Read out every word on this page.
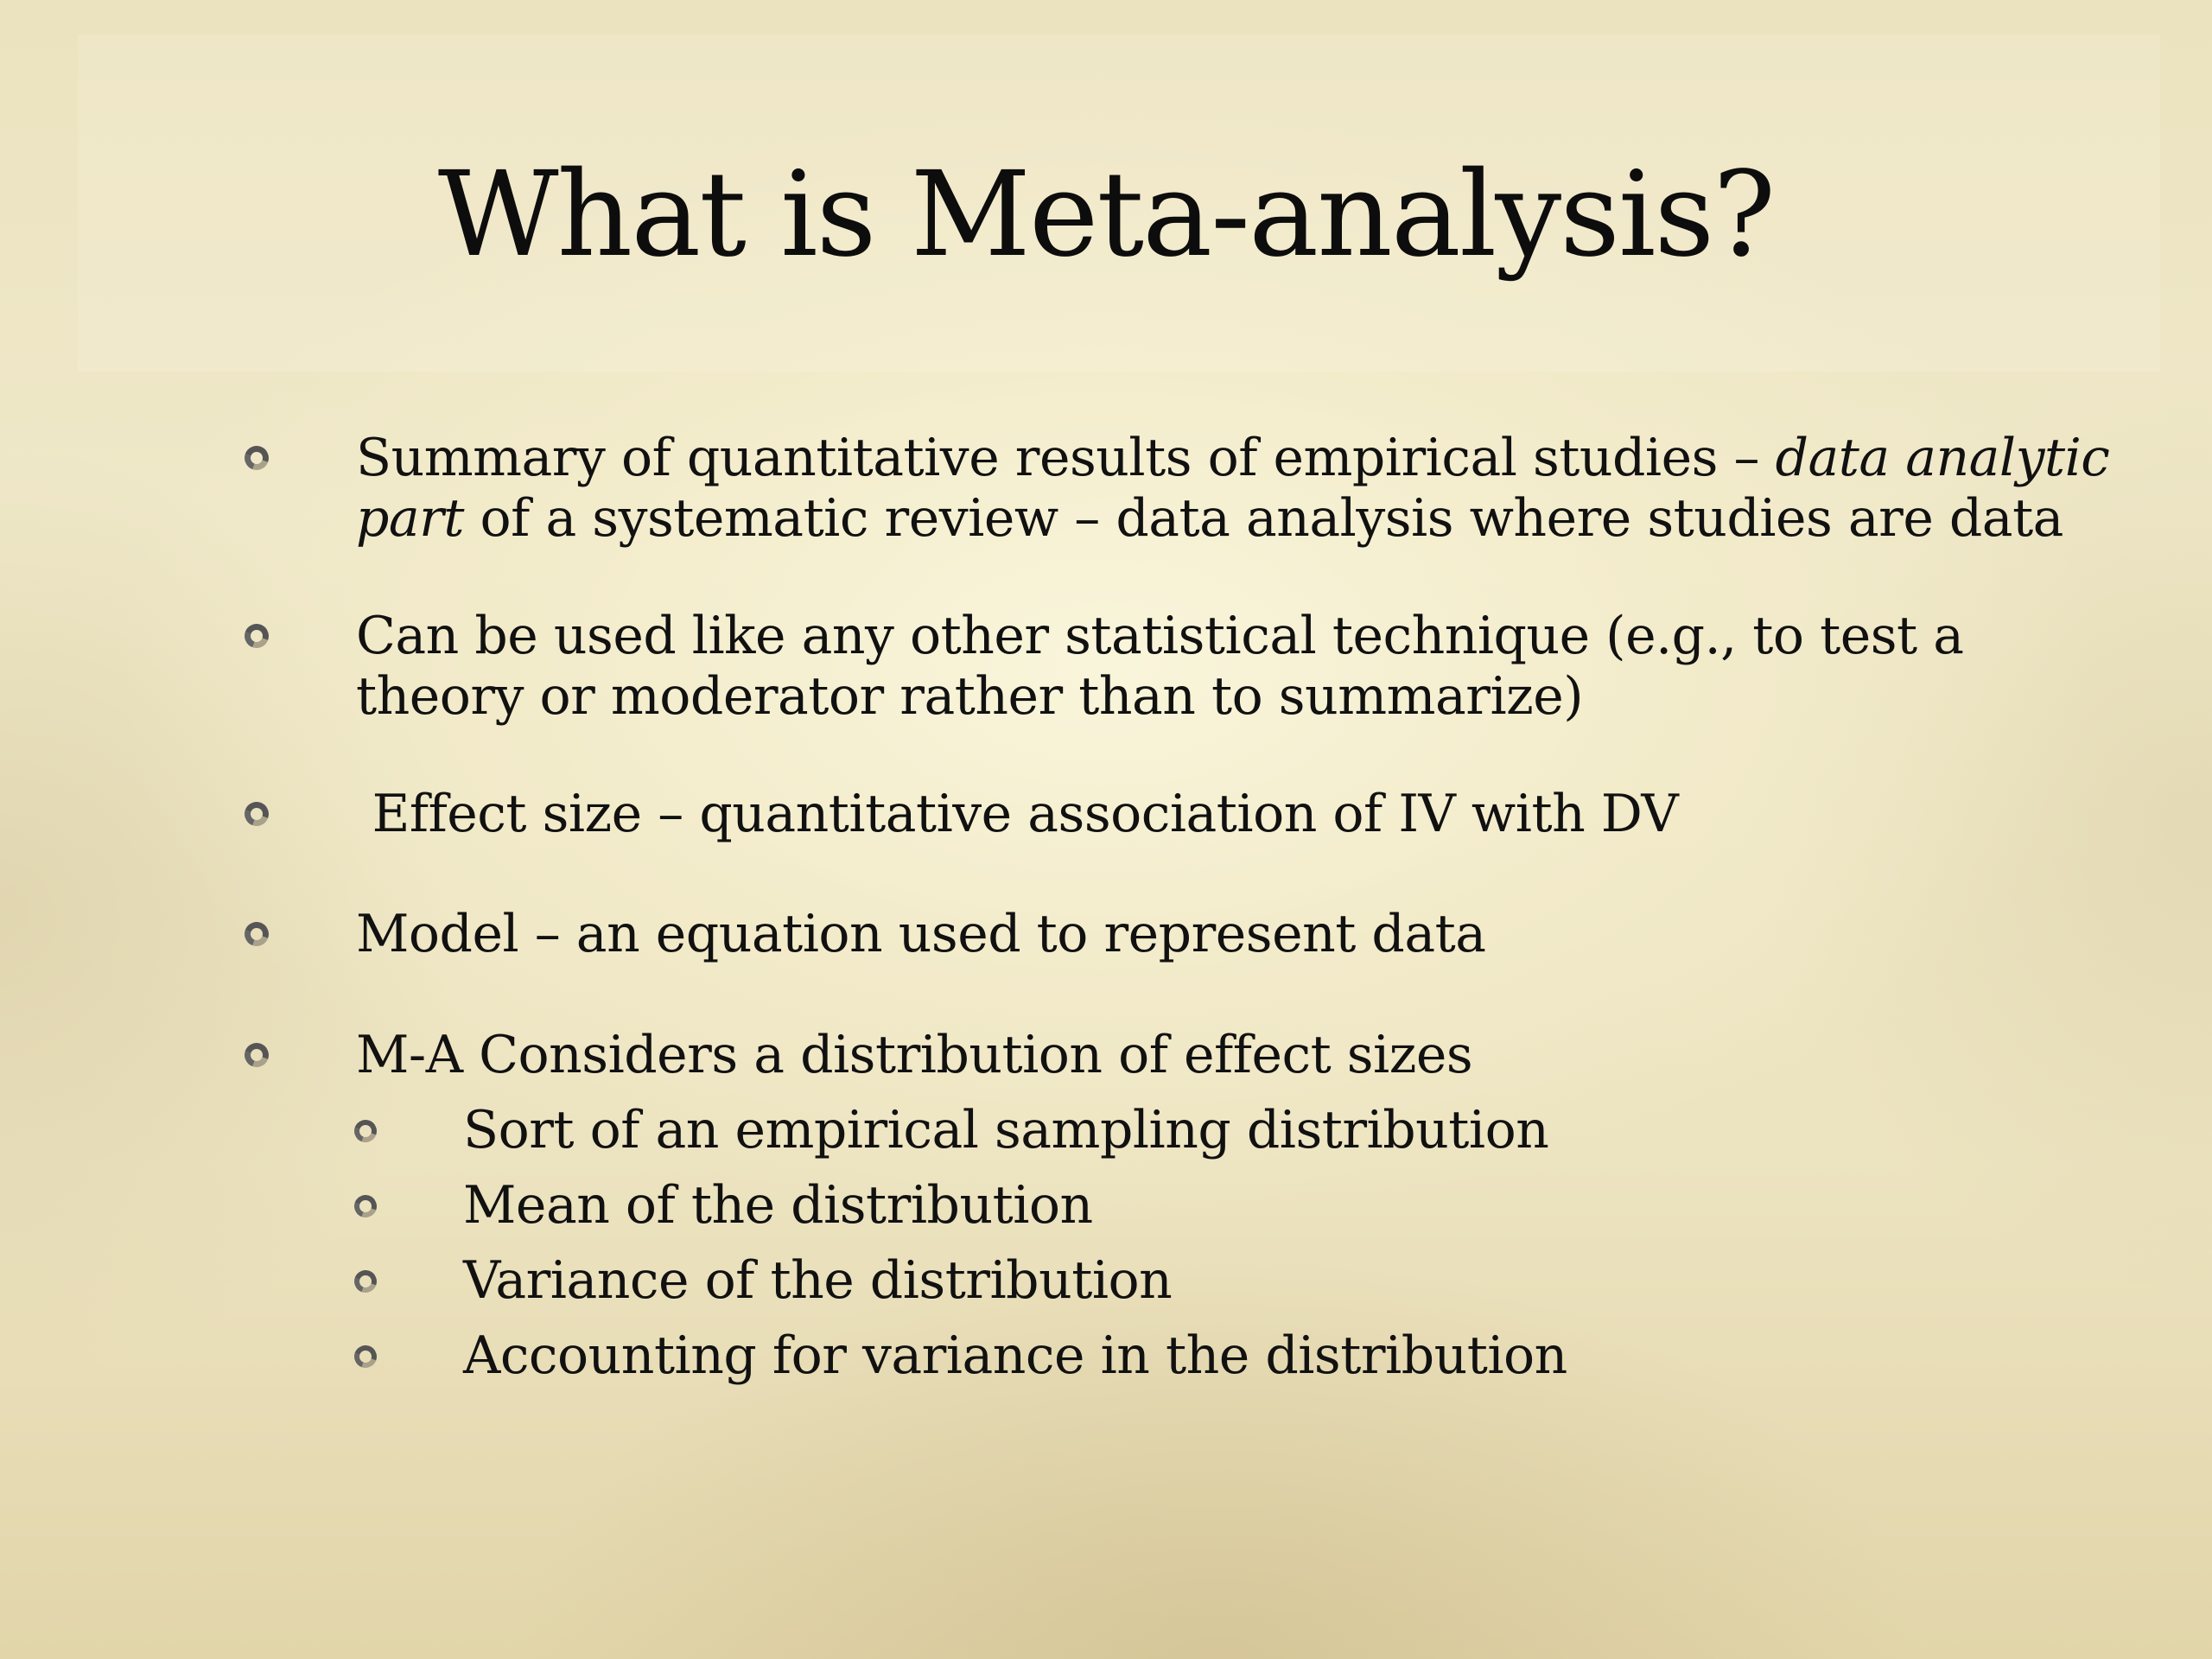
What is Meta-analysis?
Summary of quantitative results of empirical studies – data analytic
part of a systematic review – data analysis where studies are data
Can be used like any other statistical technique (e.g., to test a
theory or moderator rather than to summarize)
Effect size – quantitative association of IV with DV
Model – an equation used to represent data
M-A Considers a distribution of effect sizes
Sort of an empirical sampling distribution
Mean of the distribution
Variance of the distribution
Accounting for variance in the distribution
